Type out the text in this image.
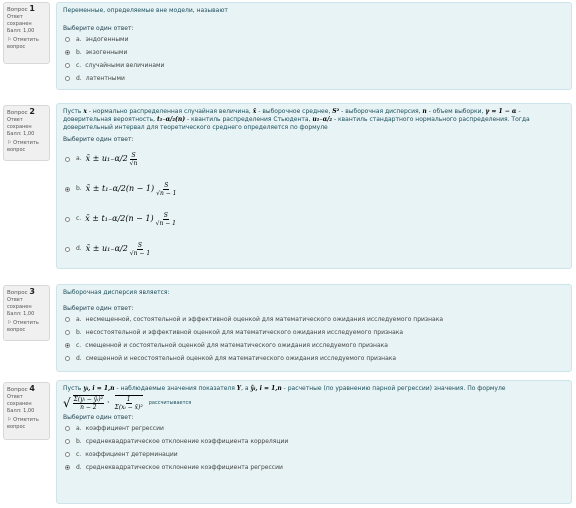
Вопрос 1
Ответ сохранен
Балл: 1,00
⚐ Отметить вопрос
Переменные, определяемые вне модели, называют
Выберите один ответ:
a. эндогенными
b. экзогенными
c. случайными величинами
d. латентными
Вопрос 2
Ответ сохранен
Балл: 1,00
⚐ Отметить вопрос
Пусть x - нормально распределенная случайная величина, x̄ - выборочное среднее, S² - выборочная дисперсия, n - объем выборки, γ = 1 − α - доверительная вероятность, t₁₋α/₂(n) - квантиль распределения Стьюдента, u₁₋α/₂ - квантиль стандартного нормального распределения. Тогда доверительный интервал для теоретического среднего определяется по формуле
Выберите один ответ:
a. x̄ ± $u_{1-}\alpha/2 \frac{S}{√n}$
b. x̄ ± $t_{1-}\alpha/2(n - 1) \frac{S}{√n - 1}$
c. x̄ ± $t_{1-}\alpha/2(n - 1) \frac{S}{√n - 1}$
d. x̄ ± $u_{1-}\alpha/2 \frac{S}{√n - 1}$
Вопрос 3
Ответ сохранен
Балл: 1,00
⚐ Отметить вопрос
Выборочная дисперсия является:
Выберите один ответ:
a. несмещенной, состоятельной и эффективной оценкой для математического ожидания исследуемого признака
b. несостоятельной и эффективной оценкой для математического ожидания исследуемого признака
c. смещенной и состоятельной оценкой для математического ожидания исследуемого признака
d. смещенной и несостоятельной оценкой для математического ожидания исследуемого признака
Вопрос 4
Ответ сохранен
Балл: 1,00
⚐ Отметить вопрос
Пусть yᵢ, i = 1,n - наблюдаемые значения показателя Y, а ŷᵢ, i = 1,n - расчетные (по уравнению парной регрессии) значения. По формуле
√ $\frac{\text{Σ(yᵢ − ŷᵢ)²}}{n - 2} \cdot \frac{1}{\text{Σ(xᵢ − x̄)²}}$ рассчитывается
Выберите один ответ:
a. коэффициент регрессии
b. среднеквадратическое отклонение коэффициента корреляции
c. коэффициент детерминации
d. среднеквадратическое отклонение коэффициента регрессии
